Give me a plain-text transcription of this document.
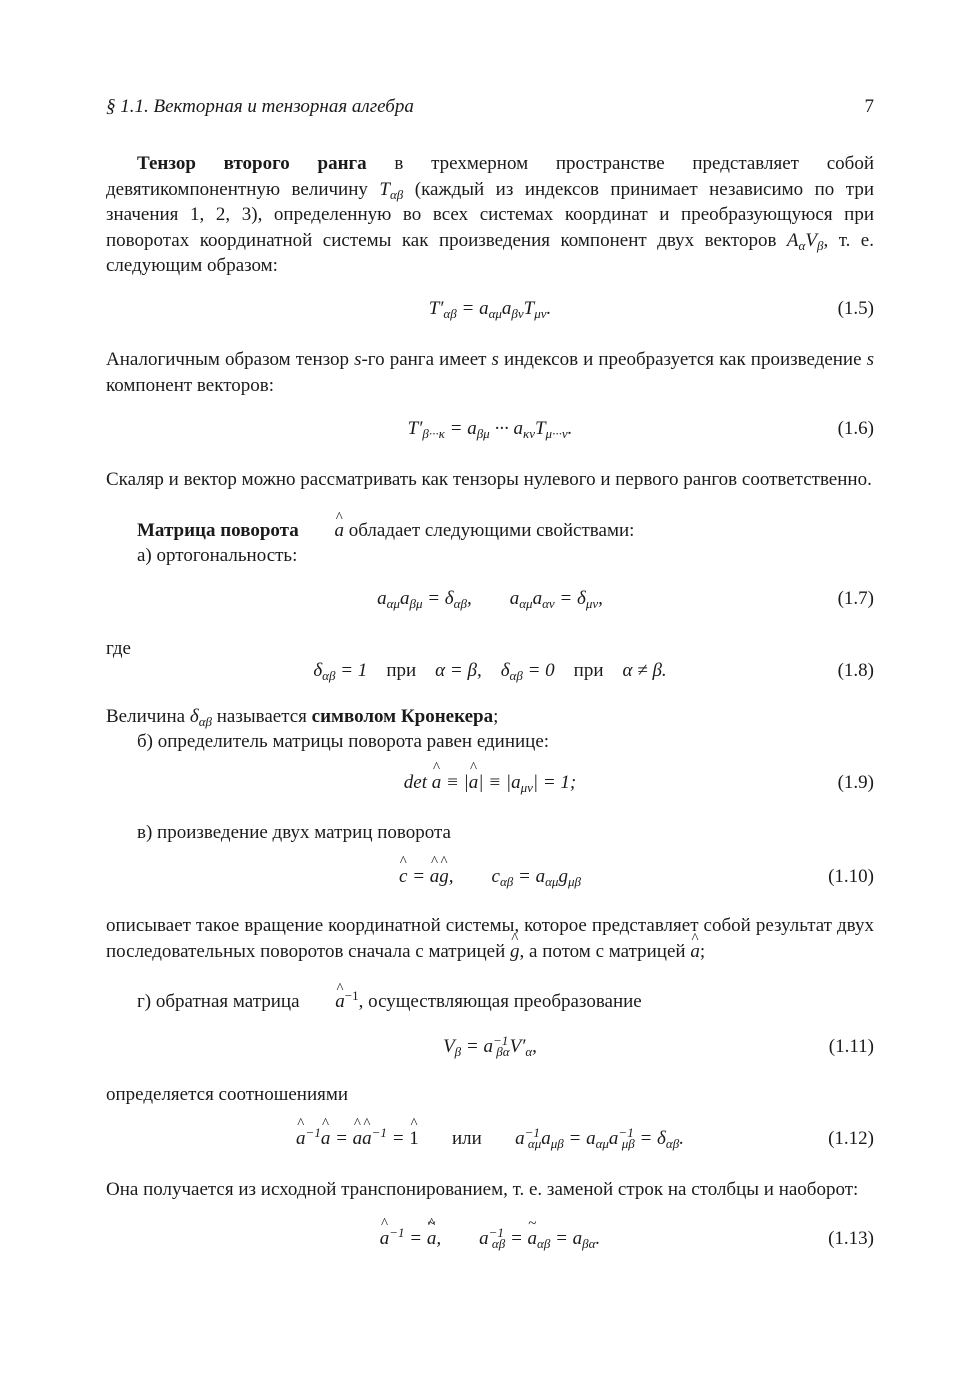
§ 1.1. Векторная и тензорная алгебра	7
Тензор второго ранга в трехмерном пространстве представляет собой девятикомпонентную величину $T_{\alpha\beta}$ (каждый из индексов принимает независимо по три значения 1, 2, 3), определенную во всех системах координат и преобразующуюся при поворотах координатной системы как произведения компонент двух векторов $A_\alpha V_\beta$, т. е. следующим образом:
$T'_{\alpha\beta} = a_{\alpha\mu}a_{\beta\nu}T_{\mu\nu}$.	(1.5)
Аналогичным образом тензор s-го ранга имеет s индексов и преобразуется как произведение s компонент векторов:
$T'_{\beta\cdot\cdot\cdot\kappa} = a_{\beta\mu}$ ··· $a_{\kappa\nu}T_{\mu\cdot\cdot\cdot\nu}$.	(1.6)
Скаляр и вектор можно рассматривать как тензоры нулевого и первого рангов соответственно.
Матрица поворота ^ a обладает следующими свойствами:
а) ортогональность:
$a_{\alpha\mu}a_{\beta\mu} = \delta_{\alpha\beta}$,        $a_{\alpha\mu}a_{\alpha\nu} = \delta_{\mu\nu}$,	(1.7)
где
$\delta_{\alpha\beta} = 1$    при α = β,    $\delta_{\alpha\beta} = 0$    при α ≠ β.	(1.8)
Величина $\delta_{\alpha\beta}$ называется символом Кронекера;
б) определитель матрицы поворота равен единице:
det ^ a ≡ |^ $a| \equiv |a_{\mu\nu}| = 1$;	(1.9)
в) произведение двух матриц поворота
^ c = ^ a^ g,        $c_{\alpha\beta} = a_{\alpha\mu}g_{\mu\beta}$	(1.10)
описывает такое вращение координатной системы, которое представляет собой результат двух последовательных поворотов сначала с матрицей ^ g, а потом с матрицей ^ a;
г) обратная матрица ^ $a^{-1}$, осуществляющая преобразование
$V_\beta = a^{-1}_{\beta\alpha}V'_\alpha$,	(1.11)
определяется соотношениями
^ $a^{-1}\^{}$ a = ^ a^ $a^{-1}$ = ^ 1 или $a^{-1}_{\alpha\mu}a_{\mu\beta} = a_{\alpha\mu}a^{-1}_{\mu\beta} = \delta_{\alpha\beta}$.	(1.12)
Она получается из исходной транспонированием, т. е. заменой строк на столбцы и наоборот:
^ $a^{-1}$ = ^ ~ a,        $a^{-1}_{\alpha\beta}$ = ~ $a_{\alpha\beta} = a_{\beta\alpha}$.	(1.13)
